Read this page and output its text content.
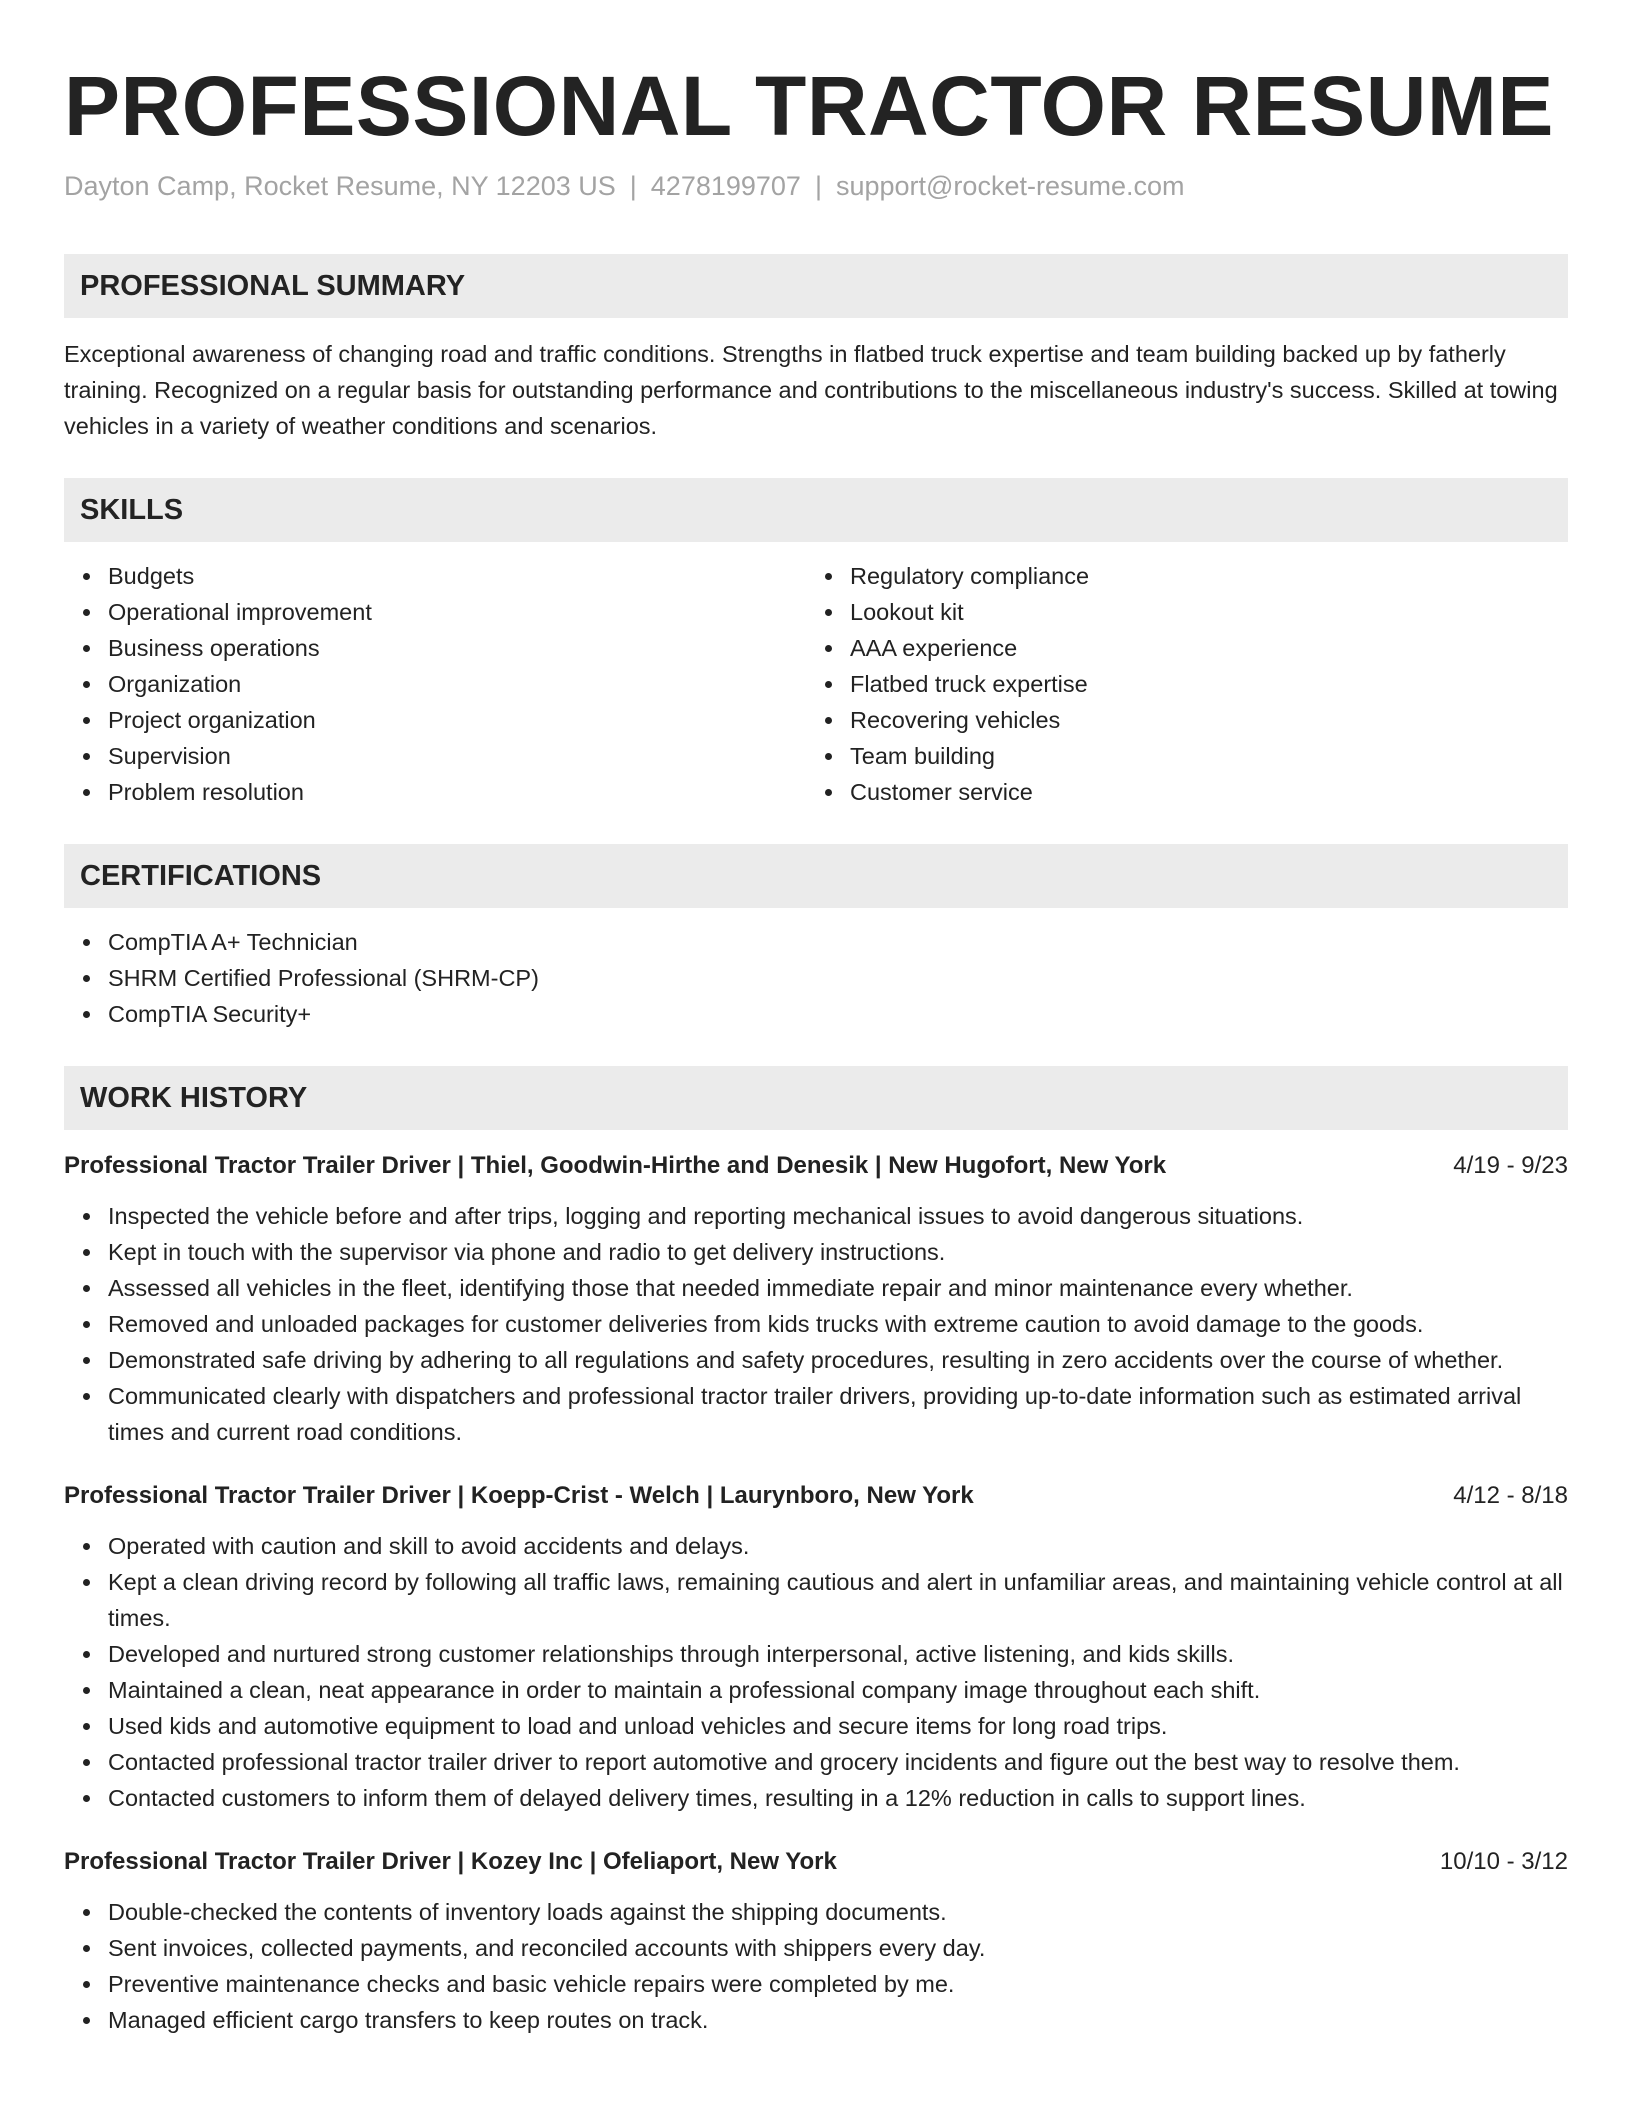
PROFESSIONAL TRACTOR RESUME
Dayton Camp, Rocket Resume, NY 12203 US | 4278199707 | support@rocket-resume.com
PROFESSIONAL SUMMARY

Exceptional awareness of changing road and traffic conditions. Strengths in flatbed truck expertise and team building backed up by fatherly training. Recognized on a regular basis for outstanding performance and contributions to the miscellaneous industry's success. Skilled at towing vehicles in a variety of weather conditions and scenarios.

SKILLS
Budgets
Operational improvement
Business operations
Organization
Project organization
Supervision
Problem resolution
Regulatory compliance
Lookout kit
AAA experience
Flatbed truck expertise
Recovering vehicles
Team building
Customer service
CERTIFICATIONS
CompTIA A+ Technician
SHRM Certified Professional (SHRM-CP)
CompTIA Security+
WORK HISTORY
Professional Tractor Trailer Driver | Thiel, Goodwin-Hirthe and Denesik | New Hugofort, New York	4/19 - 9/23
Inspected the vehicle before and after trips, logging and reporting mechanical issues to avoid dangerous situations.
Kept in touch with the supervisor via phone and radio to get delivery instructions.
Assessed all vehicles in the fleet, identifying those that needed immediate repair and minor maintenance every whether.
Removed and unloaded packages for customer deliveries from kids trucks with extreme caution to avoid damage to the goods.
Demonstrated safe driving by adhering to all regulations and safety procedures, resulting in zero accidents over the course of whether.
Communicated clearly with dispatchers and professional tractor trailer drivers, providing up-to-date information such as estimated arrival times and current road conditions.
Professional Tractor Trailer Driver | Koepp-Crist - Welch | Laurynboro, New York	4/12 - 8/18
Operated with caution and skill to avoid accidents and delays.
Kept a clean driving record by following all traffic laws, remaining cautious and alert in unfamiliar areas, and maintaining vehicle control at all times.
Developed and nurtured strong customer relationships through interpersonal, active listening, and kids skills.
Maintained a clean, neat appearance in order to maintain a professional company image throughout each shift.
Used kids and automotive equipment to load and unload vehicles and secure items for long road trips.
Contacted professional tractor trailer driver to report automotive and grocery incidents and figure out the best way to resolve them.
Contacted customers to inform them of delayed delivery times, resulting in a 12% reduction in calls to support lines.
Professional Tractor Trailer Driver | Kozey Inc | Ofeliaport, New York	10/10 - 3/12
Double-checked the contents of inventory loads against the shipping documents.
Sent invoices, collected payments, and reconciled accounts with shippers every day.
Preventive maintenance checks and basic vehicle repairs were completed by me.
Managed efficient cargo transfers to keep routes on track.
